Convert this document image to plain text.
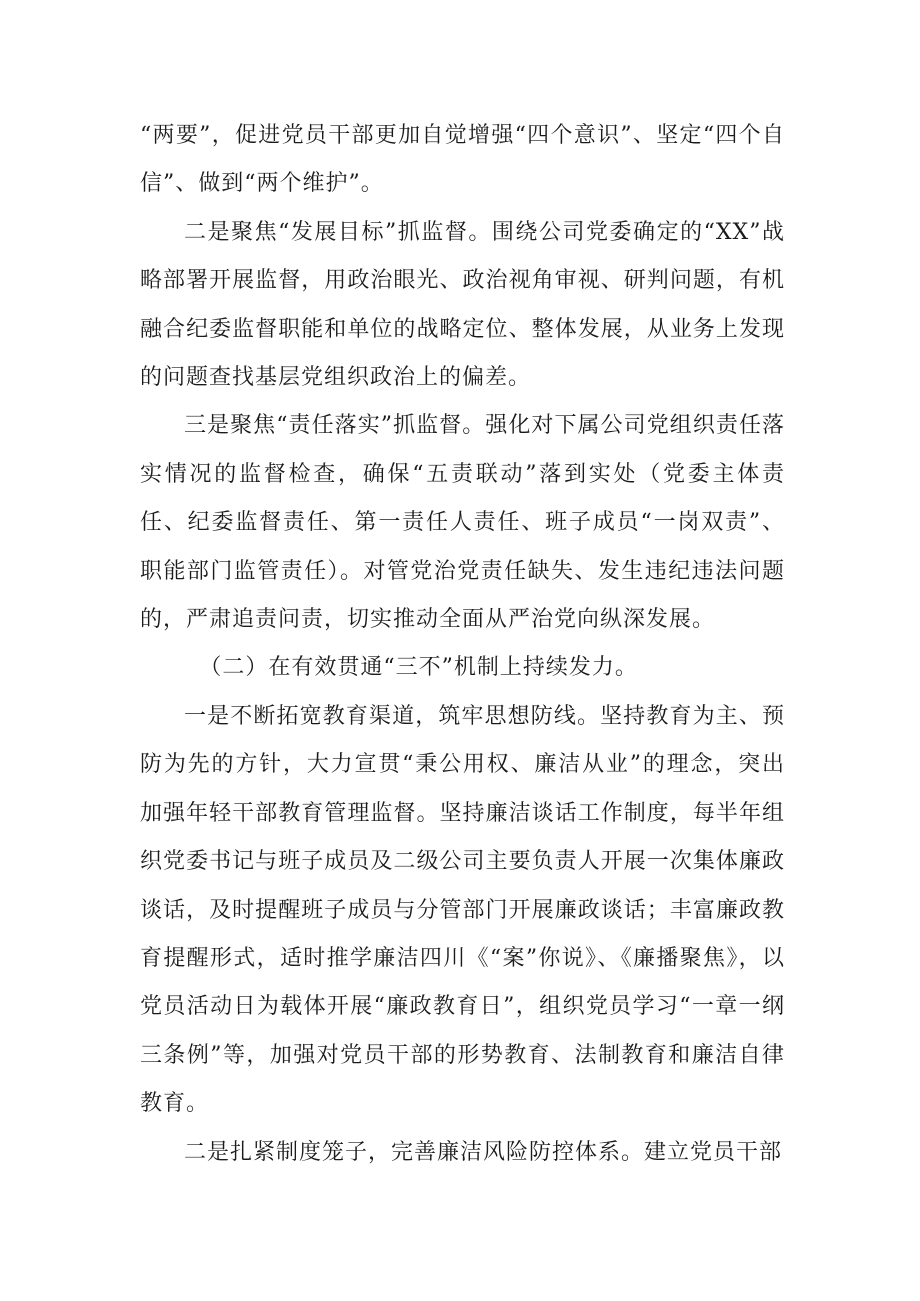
“两要”，促进党员干部更加自觉增强“四个意识”、坚定“四个自信”、做到“两个维护”。

二是聚焦“发展目标”抓监督。围绕公司党委确定的“XX”战略部署开展监督，用政治眼光、政治视角审视、研判问题，有机融合纪委监督职能和单位的战略定位、整体发展，从业务上发现的问题查找基层党组织政治上的偏差。

三是聚焦“责任落实”抓监督。强化对下属公司党组织责任落实情况的监督检查，确保“五责联动”落到实处（党委主体责任、纪委监督责任、第一责任人责任、班子成员“一岗双责”、职能部门监管责任）。对管党治党责任缺失、发生违纪违法问题的，严肃追责问责，切实推动全面从严治党向纵深发展。

（二）在有效贯通“三不”机制上持续发力。

一是不断拓宽教育渠道，筑牢思想防线。坚持教育为主、预防为先的方针，大力宣贯“秉公用权、廉洁从业”的理念，突出加强年轻干部教育管理监督。坚持廉洁谈话工作制度，每半年组织党委书记与班子成员及二级公司主要负责人开展一次集体廉政谈话，及时提醒班子成员与分管部门开展廉政谈话；丰富廉政教育提醒形式，适时推学廉洁四川《“案”你说》、《廉播聚焦》，以党员活动日为载体开展“廉政教育日”，组织党员学习“一章一纲三条例”等，加强对党员干部的形势教育、法制教育和廉洁自律教育。

二是扎紧制度笼子，完善廉洁风险防控体系。建立党员干部
